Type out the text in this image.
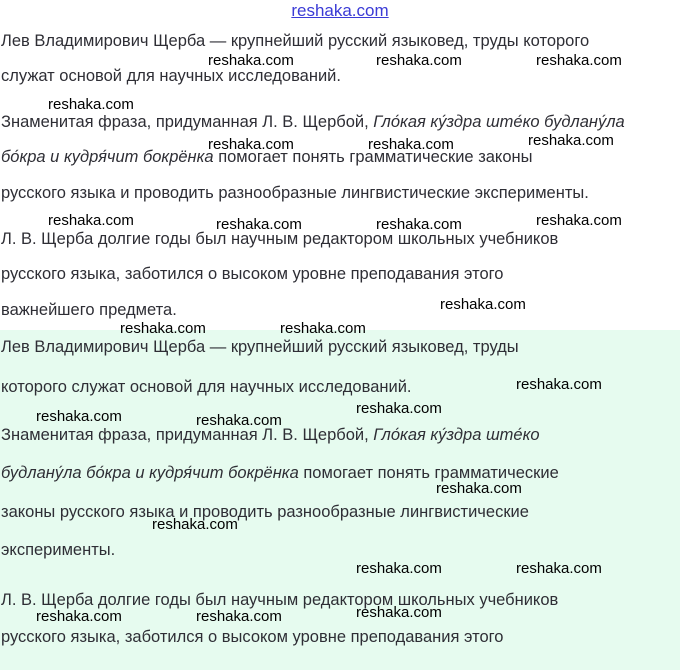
reshaka.com
Лев Владимирович Щерба — крупнейший русский языковед, труды которого
служат основой для научных исследований.
Знаменитая фраза, придуманная Л. В. Щербой, Гло́кая ку́здра ште́ко будлану́ла
бо́кра и кудря́чит бокрёнка помогает понять грамматические законы
русского языка и проводить разнообразные лингвистические эксперименты.
Л. В. Щерба долгие годы был научным редактором школьных учебников
русского языка, заботился о высоком уровне преподавания этого
важнейшего предмета.
Лев Владимирович Щерба — крупнейший русский языковед, труды
которого служат основой для научных исследований.
Знаменитая фраза, придуманная Л. В. Щербой, Гло́кая ку́здра ште́ко
будлану́ла бо́кра и кудря́чит бокрёнка помогает понять грамматические
законы русского языка и проводить разнообразные лингвистические
эксперименты.
Л. В. Щерба долгие годы был научным редактором школьных учебников
русского языка, заботился о высоком уровне преподавания этого
reshaka.com	reshaka.com	reshaka.com
reshaka.com
reshaka.com	reshaka.com	reshaka.com
reshaka.com	reshaka.com	reshaka.com	reshaka.com
reshaka.com
reshaka.com	reshaka.com
reshaka.com
reshaka.com
reshaka.com	reshaka.com
reshaka.com
reshaka.com
reshaka.com	reshaka.com
reshaka.com	reshaka.com	reshaka.com
